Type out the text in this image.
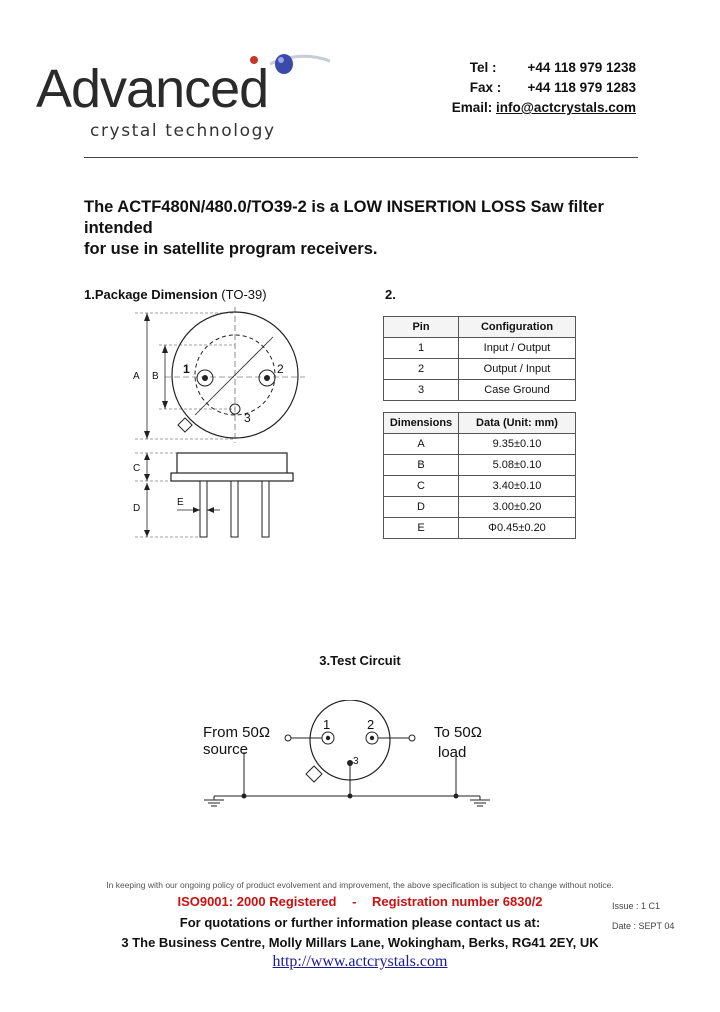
Advanced
crystal technology
Tel : +44 118 979 1238
Fax : +44 118 979 1283
Email: info@actcrystals.com
The ACTF480N/480.0/TO39-2 is a LOW INSERTION LOSS Saw filter intended
for use in satellite program receivers.
1.Package Dimension (TO-39)
A B
C
D
E
1	2
3
2.
Pin	Configuration
1	Input / Output
2	Output / Input
3	Case Ground
Dimensions	Data (Unit: mm)
A	9.35±0.10
B	5.08±0.10
C	3.40±0.10
D	3.00±0.20
E	Φ0.45±0.20
3.Test Circuit
From 50Ω
source
To 50Ω
load
1	2
3
In keeping with our ongoing policy of product evolvement and improvement, the above specification is subject to change without notice.
ISO9001: 2000 Registered - Registration number 6830/2
For quotations or further information please contact us at:
3 The Business Centre, Molly Millars Lane, Wokingham, Berks, RG41 2EY, UK
http://www.actcrystals.com
Issue : 1 C1
Date : SEPT 04
